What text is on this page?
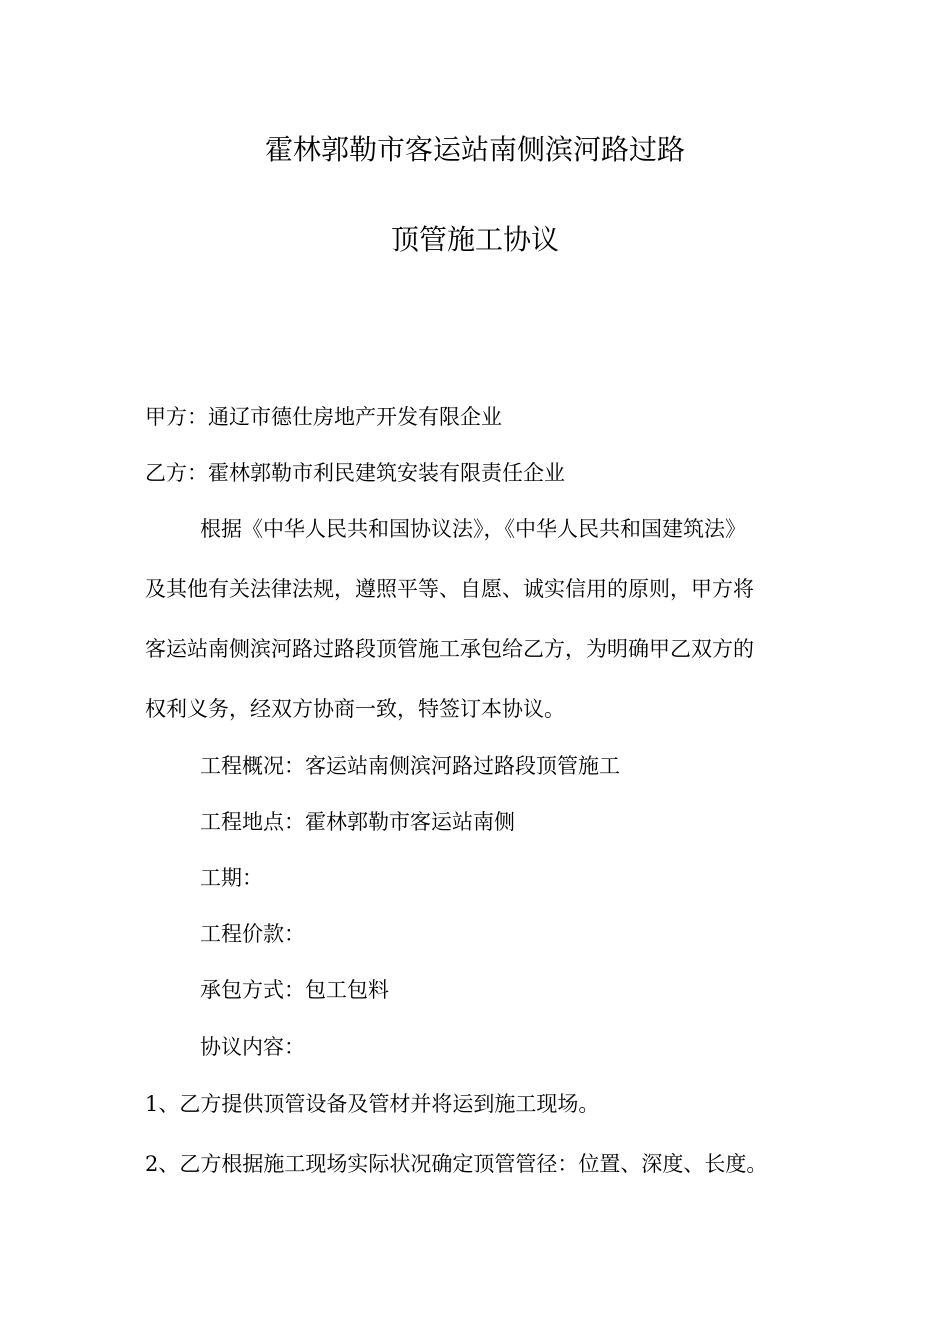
霍林郭勒市客运站南侧滨河路过路
顶管施工协议
甲方：通辽市德仕房地产开发有限企业
乙方：霍林郭勒市利民建筑安装有限责任企业
根据《中华人民共和国协议法》，《中华人民共和国建筑法》
及其他有关法律法规，遵照平等、自愿、诚实信用的原则，甲方将
客运站南侧滨河路过路段顶管施工承包给乙方，为明确甲乙双方的
权利义务，经双方协商一致，特签订本协议。
工程概况：客运站南侧滨河路过路段顶管施工
工程地点：霍林郭勒市客运站南侧
工期：
工程价款：
承包方式：包工包料
协议内容：
1、乙方提供顶管设备及管材并将运到施工现场。
2、乙方根据施工现场实际状况确定顶管管径：位置、深度、长度。
